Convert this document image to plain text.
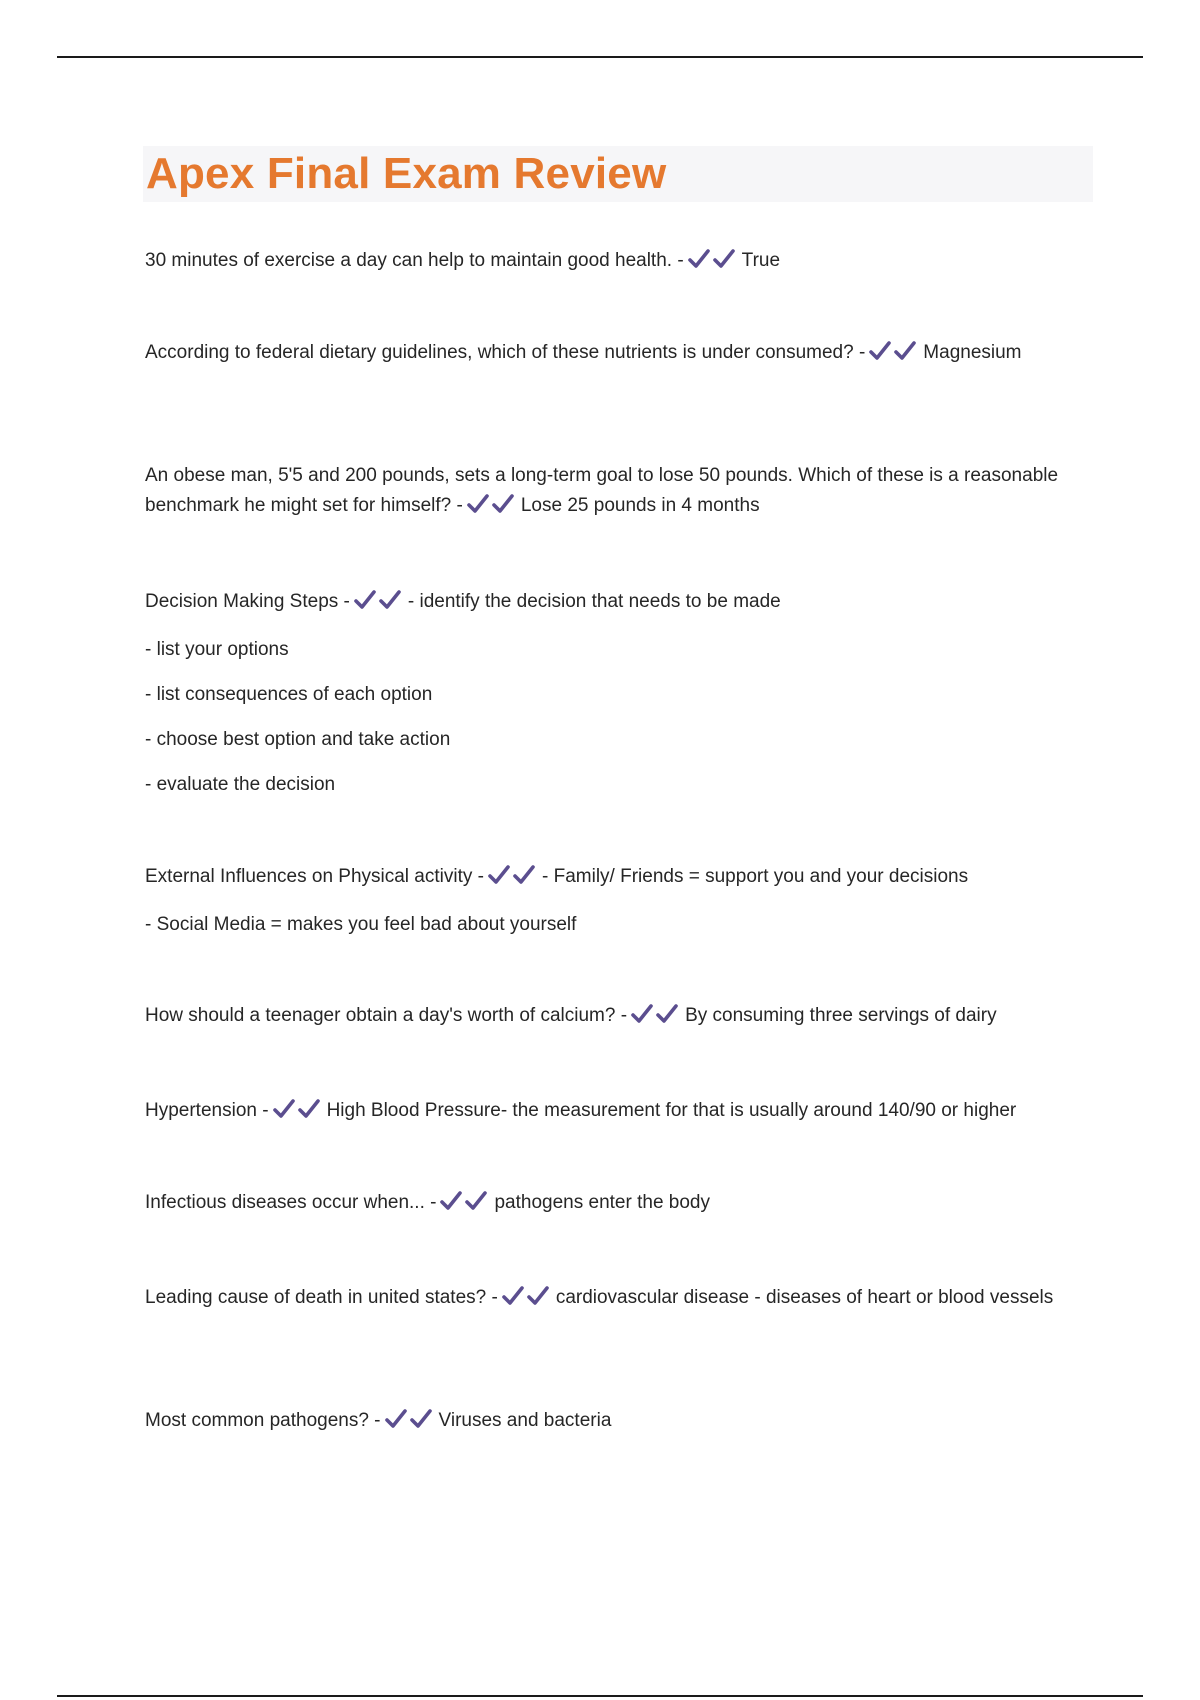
Apex Final Exam Review

30 minutes of exercise a day can help to maintain good health. -	True

According to federal dietary guidelines, which of these nutrients is under consumed? -	Magnesium

An obese man, 5'5 and 200 pounds, sets a long-term goal to lose 50 pounds. Which of these is a reasonable benchmark he might set for himself? -	Lose 25 pounds in 4 months

Decision Making Steps -	- identify the decision that needs to be made

- list your options

- list consequences of each option

- choose best option and take action

- evaluate the decision

External Influences on Physical activity -	- Family/ Friends = support you and your decisions

- Social Media = makes you feel bad about yourself

How should a teenager obtain a day's worth of calcium? -	By consuming three servings of dairy

Hypertension -	High Blood Pressure- the measurement for that is usually around 140/90 or higher

Infectious diseases occur when... -	pathogens enter the body

Leading cause of death in united states? -	cardiovascular disease - diseases of heart or blood vessels

Most common pathogens? -	Viruses and bacteria
